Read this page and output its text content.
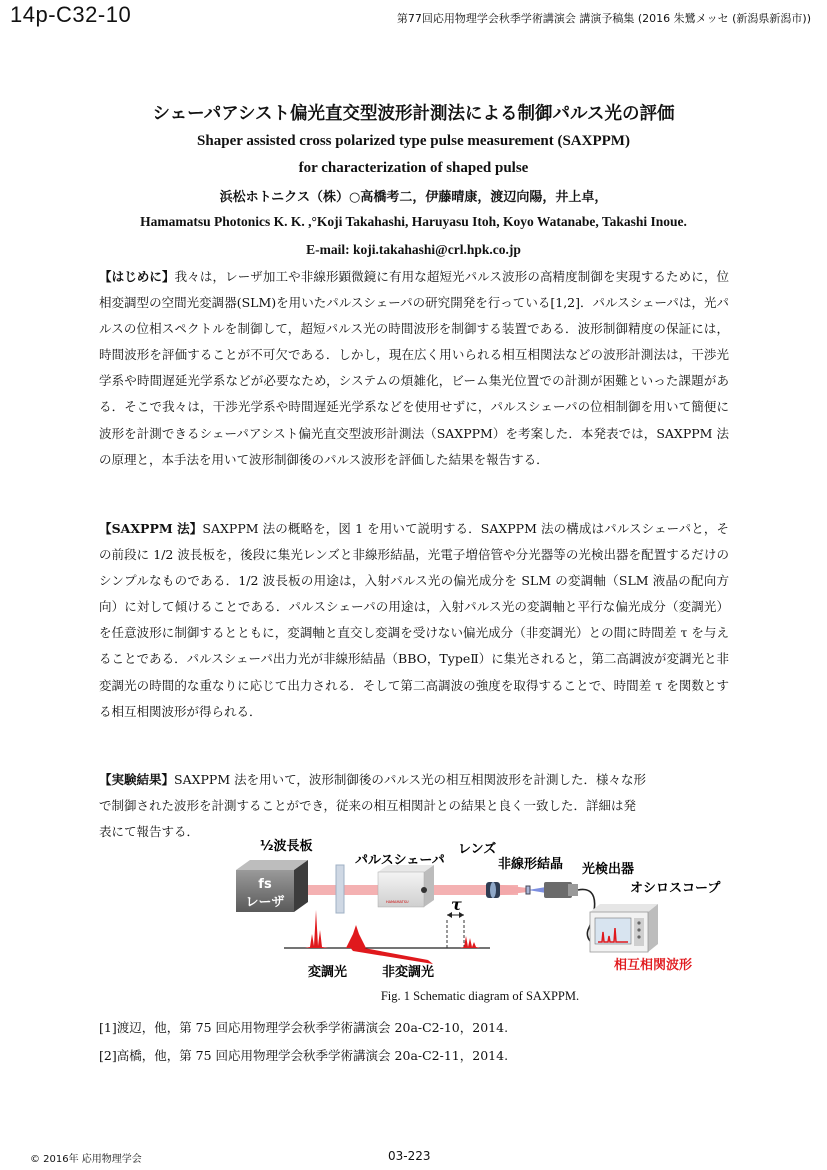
14p-C32-10	第77回応用物理学会秋季学術講演会 講演予稿集 (2016 朱鷺メッセ (新潟県新潟市))
シェーパアシスト偏光直交型波形計測法による制御パルス光の評価
Shaper assisted cross polarized type pulse measurement (SAXPPM)
for characterization of shaped pulse
浜松ホトニクス（株）○高橋考二，伊藤晴康，渡辺向陽，井上卓，
Hamamatsu Photonics K. K. ,°Koji Takahashi, Haruyasu Itoh, Koyo Watanabe, Takashi Inoue.
E-mail: koji.takahashi@crl.hpk.co.jp

【はじめに】我々は，レーザ加工や非線形顕微鏡に有用な超短光パルス波形の高精度制御を実現するために，位相変調型の空間光変調器(SLM)を用いたパルスシェーパの研究開発を行っている[1,2]．パルスシェーパは，光パルスの位相スペクトルを制御して，超短パルス光の時間波形を制御する装置である．波形制御精度の保証には，時間波形を評価することが不可欠である．しかし，現在広く用いられる相互相関法などの波形計測法は，干渉光学系や時間遅延光学系などが必要なため，システムの煩雑化，ビーム集光位置での計測が困難といった課題がある．そこで我々は，干渉光学系や時間遅延光学系などを使用せずに，パルスシェーパの位相制御を用いて簡便に波形を計測できるシェーパアシスト偏光直交型波形計測法（SAXPPM）を考案した．本発表では，SAXPPM 法の原理と，本手法を用いて波形制御後のパルス波形を評価した結果を報告する．

【SAXPPM 法】SAXPPM 法の概略を，図 1 を用いて説明する．SAXPPM 法の構成はパルスシェーパと，その前段に 1/2 波長板を，後段に集光レンズと非線形結晶，光電子増倍管や分光器等の光検出器を配置するだけのシンプルなものである．1/2 波長板の用途は，入射パルス光の偏光成分を SLM の変調軸（SLM 液晶の配向方向）に対して傾けることである．パルスシェーパの用途は，入射パルス光の変調軸と平行な偏光成分（変調光）を任意波形に制御するとともに，変調軸と直交し変調を受けない偏光成分（非変調光）との間に時間差 τ を与えることである．パルスシェーパ出力光が非線形結晶（BBO，TypeⅡ）に集光されると，第二高調波が変調光と非変調光の時間的な重なりに応じて出力される．そして第二高調波の強度を取得することで、時間差 τ を関数とする相互相関波形が得られる．

【実験結果】SAXPPM 法を用いて，波形制御後のパルス光の相互相関波形を計測した．様々な形
で制御された波形を計測することができ，従来の相互相関計との結果と良く一致した．詳細は発
表にて報告する．

fs
レーザ
½波長板
HAMAMATSU
パルスシェーパ
レンズ
非線形結晶 光検出器
オシロスコープ
相互相関波形
τ
変調光	非変調光
Fig. 1 Schematic diagram of SAXPPM.
[1]渡辺，他，第 75 回応用物理学会秋季学術講演会 20a-C2-10，2014.
[2]高橋，他，第 75 回応用物理学会秋季学術講演会 20a-C2-11，2014.
© 2016年 応用物理学会	03-223
